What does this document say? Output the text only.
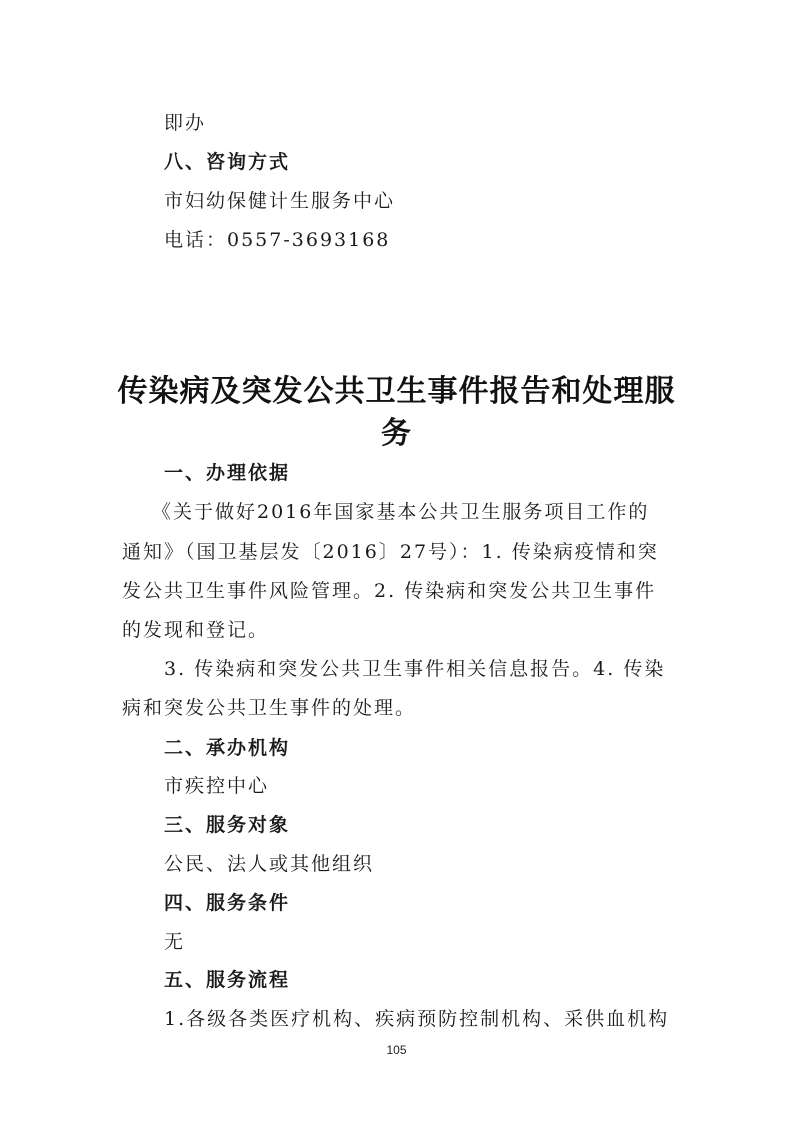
即办
八、咨询方式
市妇幼保健计生服务中心
电话：0557-3693168
传染病及突发公共卫生事件报告和处理服
务
一、办理依据
《关于做好2016年国家基本公共卫生服务项目工作的
通知》（国卫基层发〔2016〕27号）：1. 传染病疫情和突
发公共卫生事件风险管理。2. 传染病和突发公共卫生事件
的发现和登记。
3. 传染病和突发公共卫生事件相关信息报告。4. 传染
病和突发公共卫生事件的处理。
二、承办机构
市疾控中心
三、服务对象
公民、法人或其他组织
四、服务条件
无
五、服务流程
1.各级各类医疗机构、疾病预防控制机构、采供血机构
105
